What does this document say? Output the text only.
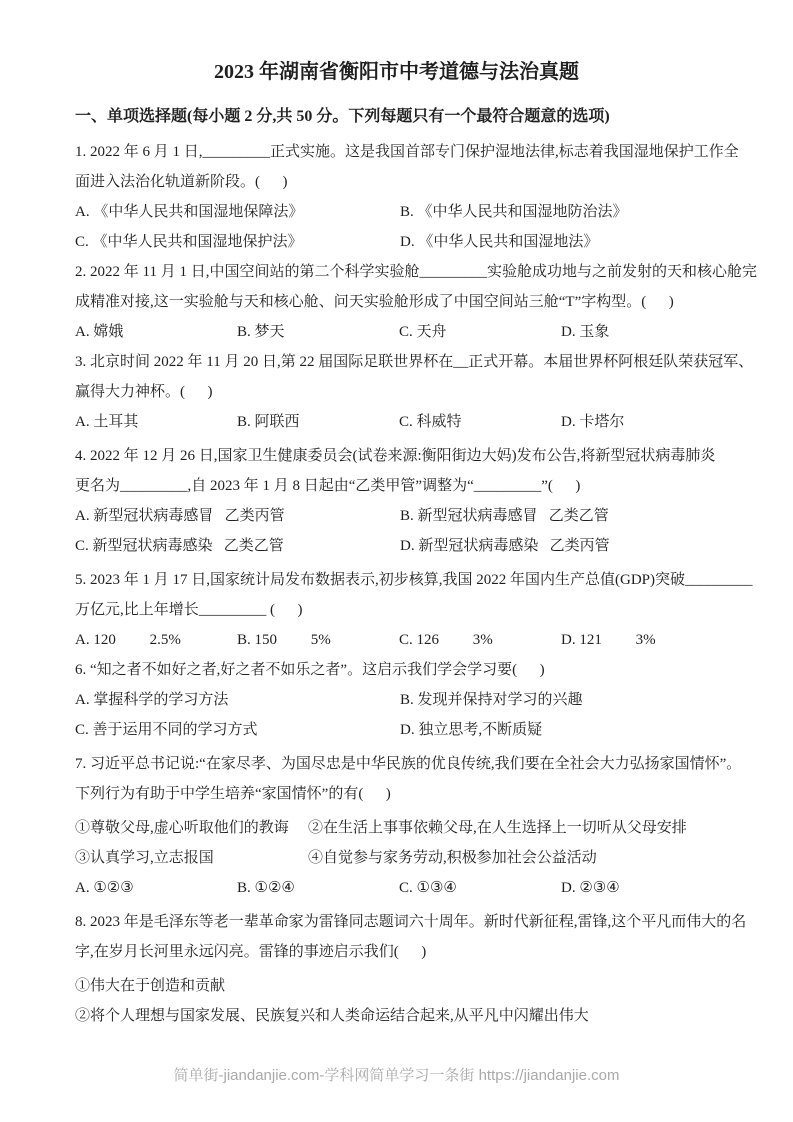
2023 年湖南省衡阳市中考道德与法治真题
一、单项选择题(每小题 2 分,共 50 分。下列每题只有一个最符合题意的选项)
1. 2022 年 6 月 1 日,_________正式实施。这是我国首部专门保护湿地法律,标志着我国湿地保护工作全
面进入法治化轨道新阶段。(      )
A. 《中华人民共和国湿地保障法》	B. 《中华人民共和国湿地防治法》
C. 《中华人民共和国湿地保护法》	D. 《中华人民共和国湿地法》
2. 2022 年 11 月 1 日,中国空间站的第二个科学实验舱_________实验舱成功地与之前发射的天和核心舱完
成精准对接,这一实验舱与天和核心舱、问天实验舱形成了中国空间站三舱“T”字构型。(      )
A. 嫦娥	B. 梦天	C. 天舟	D. 玉象
3. 北京时间 2022 年 11 月 20 日,第 22 届国际足联世界杯在__正式开幕。本届世界杯阿根廷队荣获冠军、
赢得大力神杯。(      )
A. 土耳其	B. 阿联西	C. 科威特	D. 卡塔尔
4. 2022 年 12 月 26 日,国家卫生健康委员会(试卷来源:衡阳街边大妈)发布公告,将新型冠状病毒肺炎
更名为_________,自 2023 年 1 月 8 日起由“乙类甲管”调整为“_________”(      )
A. 新型冠状病毒感冒   乙类丙管	B. 新型冠状病毒感冒   乙类乙管
C. 新型冠状病毒感染   乙类乙管	D. 新型冠状病毒感染   乙类丙管
5. 2023 年 1 月 17 日,国家统计局发布数据表示,初步核算,我国 2022 年国内生产总值(GDP)突破_________
万亿元,比上年增长_________ (      )
A. 120         2.5%	B. 150         5%	C. 126         3%	D. 121         3%
6. “知之者不如好之者,好之者不如乐之者”。这启示我们学会学习要(      )
A. 掌握科学的学习方法	B. 发现并保持对学习的兴趣
C. 善于运用不同的学习方式	D. 独立思考,不断质疑
7. 习近平总书记说:“在家尽孝、为国尽忠是中华民族的优良传统,我们要在全社会大力弘扬家国情怀”。
下列行为有助于中学生培养“家国情怀”的有(      )
①尊敬父母,虚心听取他们的教诲	②在生活上事事依赖父母,在人生选择上一切听从父母安排
③认真学习,立志报国	④自觉参与家务劳动,积极参加社会公益活动
A. ①②③	B. ①②④	C. ①③④	D. ②③④
8. 2023 年是毛泽东等老一辈革命家为雷锋同志题词六十周年。新时代新征程,雷锋,这个平凡而伟大的名
字,在岁月长河里永远闪亮。雷锋的事迹启示我们(      )
①伟大在于创造和贡献
②将个人理想与国家发展、民族复兴和人类命运结合起来,从平凡中闪耀出伟大
简单街-jiandanjie.com-学科网简单学习一条街 https://jiandanjie.com
